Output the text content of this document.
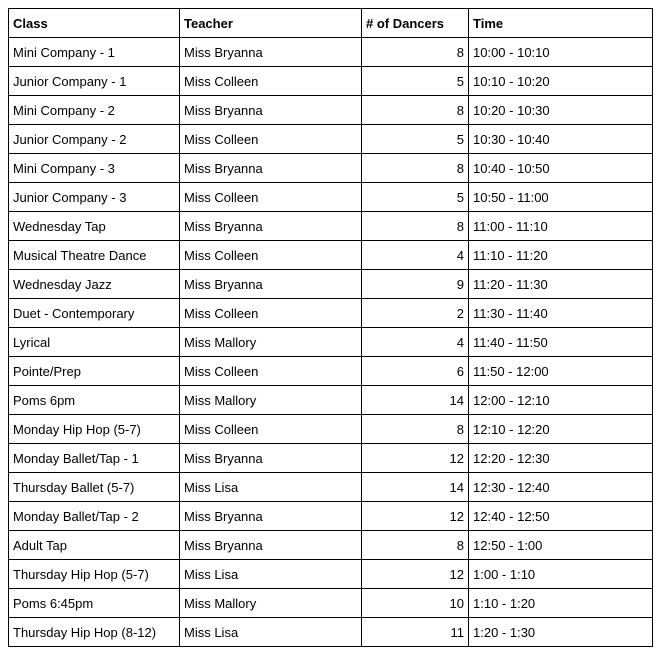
Class	Teacher	# of Dancers	Time
Mini Company - 1	Miss Bryanna	8	10:00 - 10:10
Junior Company - 1	Miss Colleen	5	10:10 - 10:20
Mini Company - 2	Miss Bryanna	8	10:20 - 10:30
Junior Company - 2	Miss Colleen	5	10:30 - 10:40
Mini Company - 3	Miss Bryanna	8	10:40 - 10:50
Junior Company - 3	Miss Colleen	5	10:50 - 11:00
Wednesday Tap	Miss Bryanna	8	11:00 - 11:10
Musical Theatre Dance	Miss Colleen	4	11:10 - 11:20
Wednesday Jazz	Miss Bryanna	9	11:20 - 11:30
Duet - Contemporary	Miss Colleen	2	11:30 - 11:40
Lyrical	Miss Mallory	4	11:40 - 11:50
Pointe/Prep	Miss Colleen	6	11:50 - 12:00
Poms 6pm	Miss Mallory	14	12:00 - 12:10
Monday Hip Hop (5-7)	Miss Colleen	8	12:10 - 12:20
Monday Ballet/Tap - 1	Miss Bryanna	12	12:20 - 12:30
Thursday Ballet (5-7)	Miss Lisa	14	12:30 - 12:40
Monday Ballet/Tap - 2	Miss Bryanna	12	12:40 - 12:50
Adult Tap	Miss Bryanna	8	12:50 - 1:00
Thursday Hip Hop (5-7)	Miss Lisa	12	1:00 - 1:10
Poms 6:45pm	Miss Mallory	10	1:10 - 1:20
Thursday Hip Hop (8-12)	Miss Lisa	11	1:20 - 1:30
